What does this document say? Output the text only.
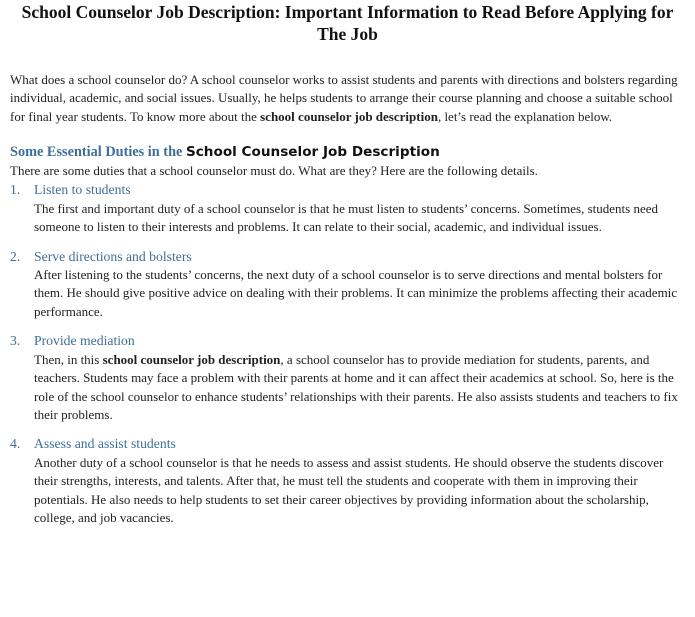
School Counselor Job Description: Important Information to Read Before Applying for The Job

What does a school counselor do? A school counselor works to assist students and parents with directions and bolsters regarding individual, academic, and social issues. Usually, he helps students to arrange their course planning and choose a suitable school for final year students. To know more about the school counselor job description, let’s read the explanation below.

Some Essential Duties in the School Counselor Job Description

There are some duties that a school counselor must do. What are they? Here are the following details.

1.	Listen to students

The first and important duty of a school counselor is that he must listen to students’ concerns. Sometimes, students need someone to listen to their interests and problems. It can relate to their social, academic, and individual issues.

2.	Serve directions and bolsters

After listening to the students’ concerns, the next duty of a school counselor is to serve directions and mental bolsters for them. He should give positive advice on dealing with their problems. It can minimize the problems affecting their academic performance.

3.	Provide mediation

Then, in this school counselor job description, a school counselor has to provide mediation for students, parents, and teachers. Students may face a problem with their parents at home and it can affect their academics at school. So, here is the role of the school counselor to enhance students’ relationships with their parents. He also assists students and teachers to fix their problems.

4.	Assess and assist students

Another duty of a school counselor is that he needs to assess and assist students. He should observe the students discover their strengths, interests, and talents. After that, he must tell the students and cooperate with them in improving their potentials. He also needs to help students to set their career objectives by providing information about the scholarship, college, and job vacancies.
